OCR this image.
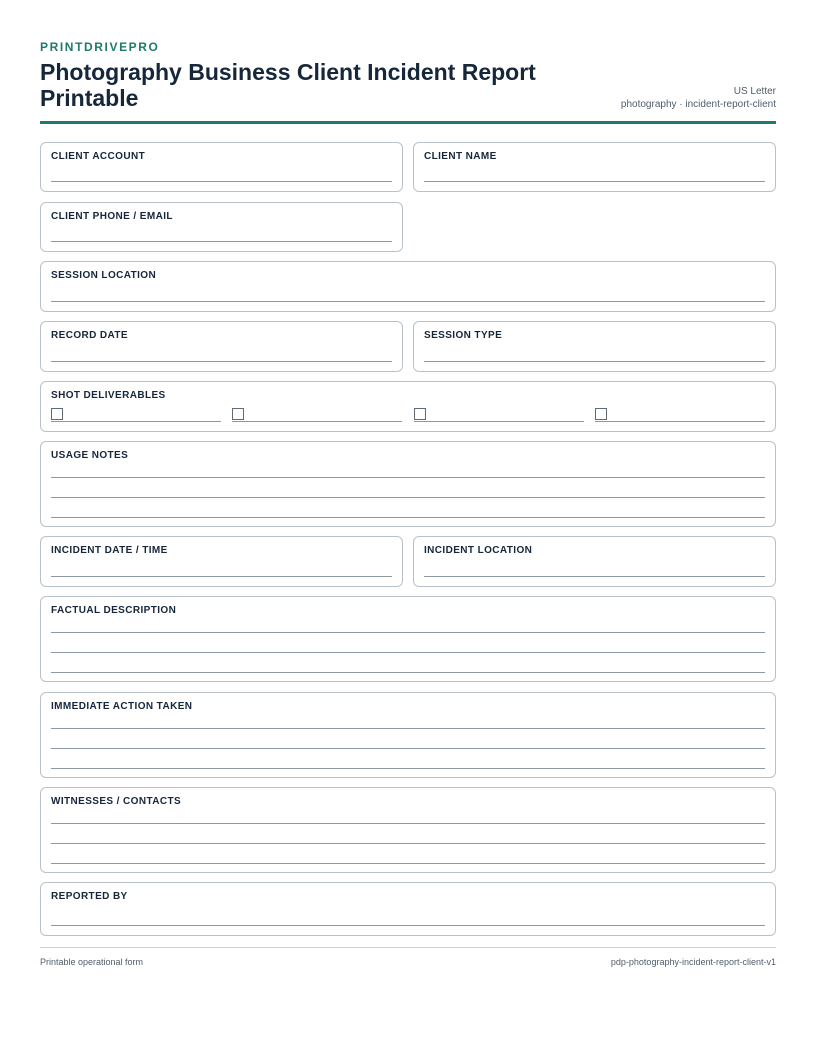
PRINTDRIVEPRO
Photography Business Client Incident Report Printable	US Letter
photography · incident-report-client
CLIENT ACCOUNT	CLIENT NAME
CLIENT PHONE / EMAIL
SESSION LOCATION
RECORD DATE	SESSION TYPE
SHOT DELIVERABLES
USAGE NOTES
INCIDENT DATE / TIME	INCIDENT LOCATION
FACTUAL DESCRIPTION
IMMEDIATE ACTION TAKEN
WITNESSES / CONTACTS
REPORTED BY
Printable operational form	pdp-photography-incident-report-client-v1
